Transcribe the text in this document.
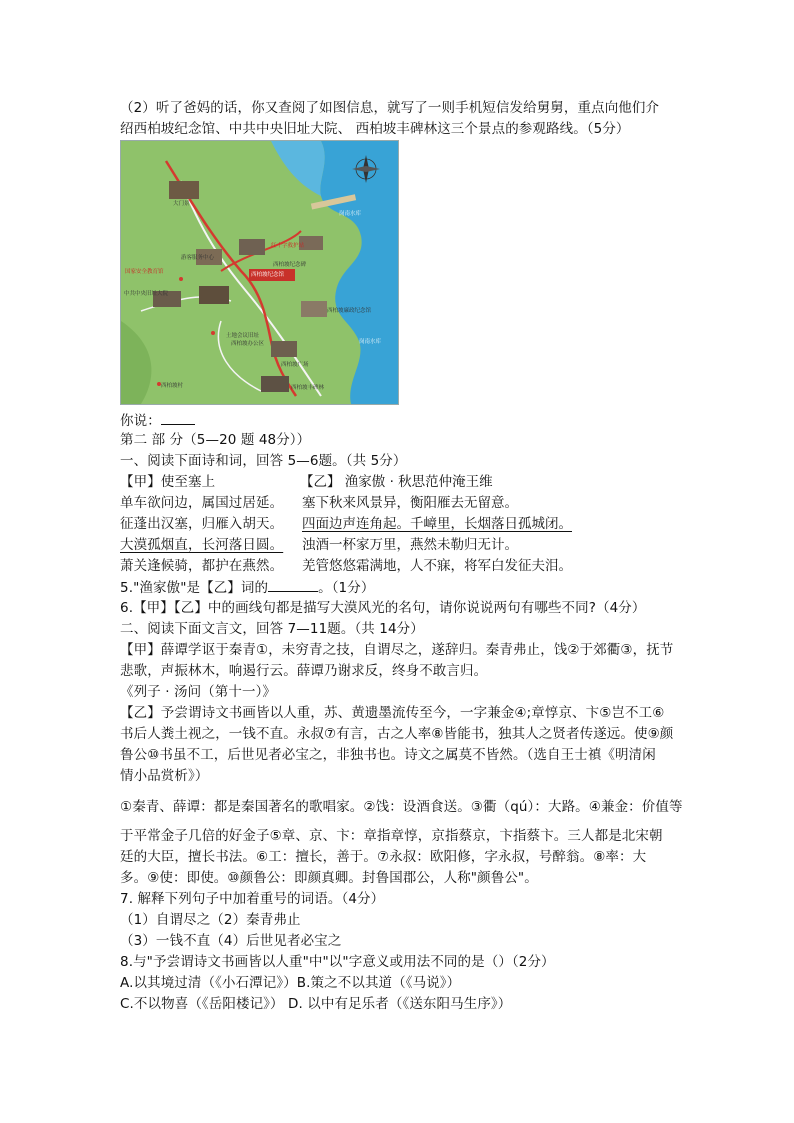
（2）听了爸妈的话，你又查阅了如图信息，就写了一则手机短信发给舅舅，重点向他们介
绍西柏坡纪念馆、中共中央旧址大院、 西柏坡丰碑林这三个景点的参观路线。（5分）
大门景
游客服务中心
国家安全教育馆
中共中央旧址大院
红十字救护站
西柏坡纪念碑
西柏坡纪念馆
西柏坡廉政纪念馆
土地会议旧址
西柏坡办公区
西柏坡丰碑林
西柏坡广场
西柏坡村
岗南水库
岗南水库
你说：
第二 部 分（5—20 题 48分））
一、阅读下面诗和词，回答 5—6题。（共 5分）
【甲】使至塞上	【乙】 渔家傲 · 秋思范仲淹王维
单车欲问边，属国过居延。
征蓬出汉塞，归雁入胡天。
大漠孤烟直，长河落日圆。
萧关逢候骑，都护在燕然。
塞下秋来风景异，衡阳雁去无留意。
四面边声连角起。千嶂里，长烟落日孤城闭。
浊酒一杯家万里，燕然未勒归无计。
羌管悠悠霜满地，人不寐，将军白发征夫泪。
5."渔家傲"是【乙】词的	。（1分）
6.【甲】【乙】中的画线句都是描写大漠风光的名句，请你说说两句有哪些不同?（4分）
二、阅读下面文言文，回答 7—11题。（共 14分）
【甲】薛谭学讴于秦青①，未穷青之技，自谓尽之，遂辞归。秦青弗止，饯②于郊衢③，抚节
悲歌，声振林木，响遏行云。薛谭乃谢求反，终身不敢言归。
《列子 · 汤问（第十一）》
【乙】予尝谓诗文书画皆以人重，苏、黄遗墨流传至今，一字兼金④;章惇京、卞⑤岂不工⑥
书后人粪土视之，一钱不直。永叔⑦有言，古之人率⑧皆能书，独其人之贤者传遂远。使⑨颜
鲁公⑩书虽不工，后世见者必宝之，非独书也。诗文之属莫不皆然。（选自王士禛《明清闲
情小品赏析》）
①秦青、薛谭：都是秦国著名的歌唱家。②饯：设酒食送。③衢（qú）：大路。④兼金：价值等
于平常金子几倍的好金子⑤章、京、卞：章指章惇，京指蔡京，卞指蔡卞。三人都是北宋朝
廷的大臣，擅长书法。⑥工：擅长，善于。⑦永叔：欧阳修，字永叔，号醉翁。⑧率：大
多。⑨使：即使。⑩颜鲁公：即颜真卿。封鲁国郡公，人称"颜鲁公"。
7. 解释下列句子中加着重号的词语。（4分）
（1）自谓尽之（2）秦青弗止
（3）一钱不直（4）后世见者必宝之
8.与"予尝谓诗文书画皆以人重"中"以"字意义或用法不同的是（）（2分）
A.以其境过清（《小石潭记》）B.策之不以其道（《马说》）
C.不以物喜（《岳阳楼记》） D. 以中有足乐者（《送东阳马生序》）
